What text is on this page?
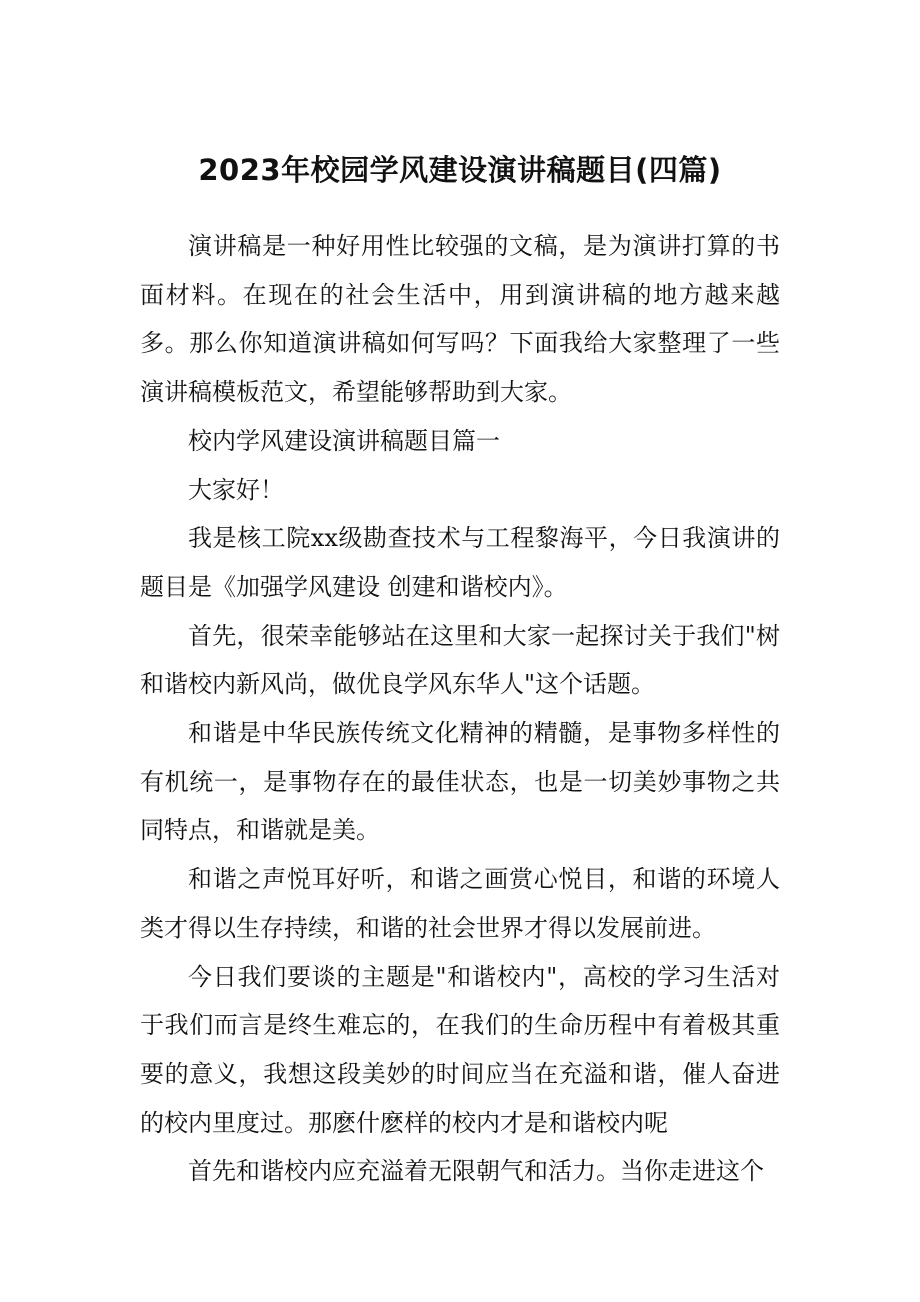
2023年校园学风建设演讲稿题目(四篇)

演讲稿是一种好用性比较强的文稿，是为演讲打算的书面材料。在现在的社会生活中，用到演讲稿的地方越来越多。那么你知道演讲稿如何写吗？下面我给大家整理了一些演讲稿模板范文，希望能够帮助到大家。

校内学风建设演讲稿题目篇一

大家好！

我是核工院xx级勘查技术与工程黎海平，今日我演讲的题目是《加强学风建设 创建和谐校内》。

首先，很荣幸能够站在这里和大家一起探讨关于我们"树和谐校内新风尚，做优良学风东华人"这个话题。

和谐是中华民族传统文化精神的精髓，是事物多样性的有机统一，是事物存在的最佳状态，也是一切美妙事物之共同特点，和谐就是美。

和谐之声悦耳好听，和谐之画赏心悦目，和谐的环境人类才得以生存持续，和谐的社会世界才得以发展前进。

今日我们要谈的主题是"和谐校内"，高校的学习生活对于我们而言是终生难忘的，在我们的生命历程中有着极其重要的意义，我想这段美妙的时间应当在充溢和谐，催人奋进的校内里度过。那麽什麽样的校内才是和谐校内呢

首先和谐校内应充溢着无限朝气和活力。当你走进这个
